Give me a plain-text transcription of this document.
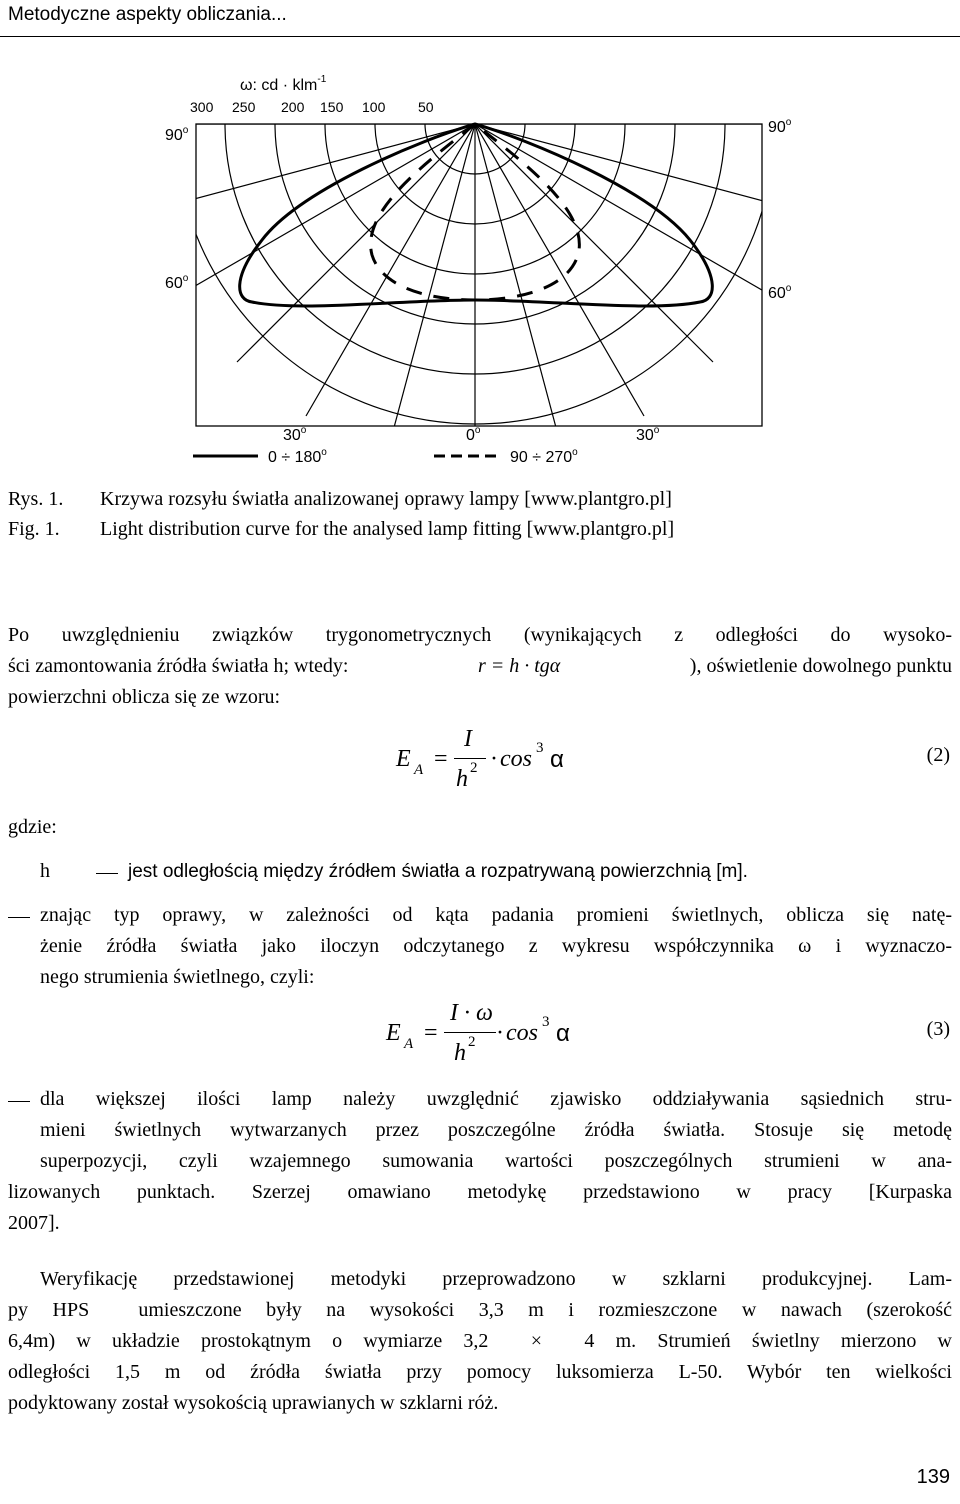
Metodyczne aspekty obliczania...
ω: cd · klm$^{-1}$
300 250 200 150 100 50
90$^o$	90$^o$
60$^o$
60$^o$
30$^o$	0$^o$	30$^o$
$0 \div 180^o$	$90 \div 270^o$
Rys. 1. Krzywa rozsyłu światła analizowanej oprawy lampy [www.plantgro.pl]
Fig. 1. Light distribution curve for the analysed lamp fitting [www.plantgro.pl]
Po uwzględnieniu związków trygonometrycznych (wynikających z odległości do wysoko-
ści zamontowania źródła światła h; wtedy:	r = h · tgα	), oświetlenie dowolnego punktu
powierzchni oblicza się ze wzoru:
E A =
I
h 2 · cos 3 α	(2)
gdzie:
h	jest odległością między źródłem światła a rozpatrywaną powierzchnią [m].
znając typ oprawy, w zależności od kąta padania promieni świetlnych, oblicza się natę-
żenie źródła światła jako iloczyn odczytanego z wykresu współczynnika ω i wyznaczo-
nego strumienia świetlnego, czyli:
E A =
I · ω
h 2 · cos 3 α	(3)
dla większej ilości lamp należy uwzględnić zjawisko oddziaływania sąsiednich stru-
mieni świetlnych wytwarzanych przez poszczególne źródła światła. Stosuje się metodę
superpozycji, czyli wzajemnego sumowania wartości poszczególnych strumieni w ana-
lizowanych punktach. Szerzej omawiano metodykę przedstawiono w pracy [Kurpaska
2007].
Weryfikację przedstawionej metodyki przeprowadzono w szklarni produkcyjnej. Lam-
py HPS  umieszczone były na wysokości 3,3 m i rozmieszczone w nawach (szerokość
6,4m) w układzie prostokątnym o wymiarze 3,2  ×  4 m. Strumień świetlny mierzono w
odległości 1,5 m od źródła światła przy pomocy luksomierza L-50. Wybór ten wielkości
podyktowany został wysokością uprawianych w szklarni róż.
139
